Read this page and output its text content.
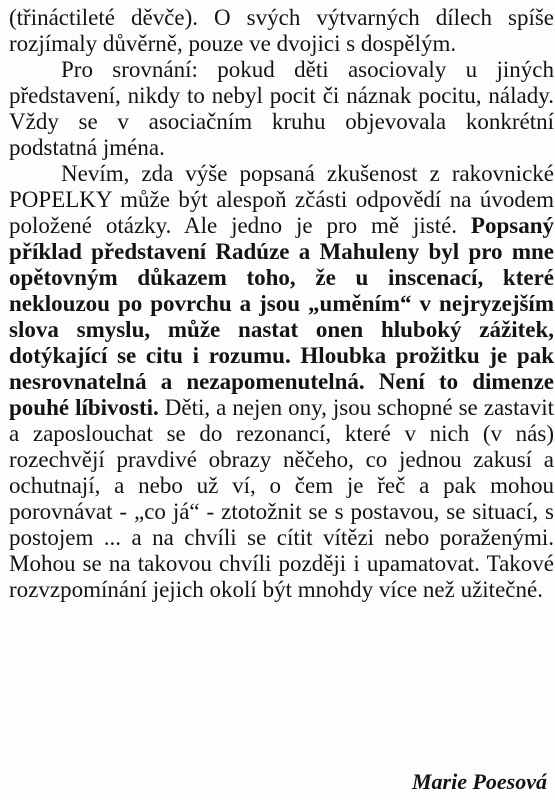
(třináctileté děvče). O svých výtvarných dílech spíše rozjímaly důvěrně, pouze ve dvojici s dospělým.

Pro srovnání: pokud děti asociovaly u jiných představení, nikdy to nebyl pocit či náznak pocitu, nálady. Vždy se v asociačním kruhu objevovala konkrétní podstatná jména.

Nevím, zda výše popsaná zkušenost z rakovnické POPELKY může být alespoň zčásti odpovědí na úvodem položené otázky. Ale jedno je pro mě jisté. Popsaný příklad představení Radúze a Mahuleny byl pro mne opětovným důkazem toho, že u inscenací, které neklouzou po povrchu a jsou „uměním“ v nejryzejším slova smyslu, může nastat onen hluboký zážitek, dotýkající se citu i rozumu. Hloubka prožitku je pak nesrovnatelná a nezapomenutelná. Není to dimenze pouhé líbivosti. Děti, a nejen ony, jsou schopné se zastavit a zaposlouchat se do rezonancí, které v nich (v nás) rozechvějí pravdivé obrazy něčeho, co jednou zakusí a ochutnají, a nebo už ví, o čem je řeč a pak mohou porovnávat - „co já“ - ztotožnit se s postavou, se situací, s postojem ... a na chvíli se cítit vítězi nebo poraženými. Mohou se na takovou chvíli později i upamatovat. Takové rozvzpomínání jejich okolí být mnohdy více než užitečné.

Marie Poesová
